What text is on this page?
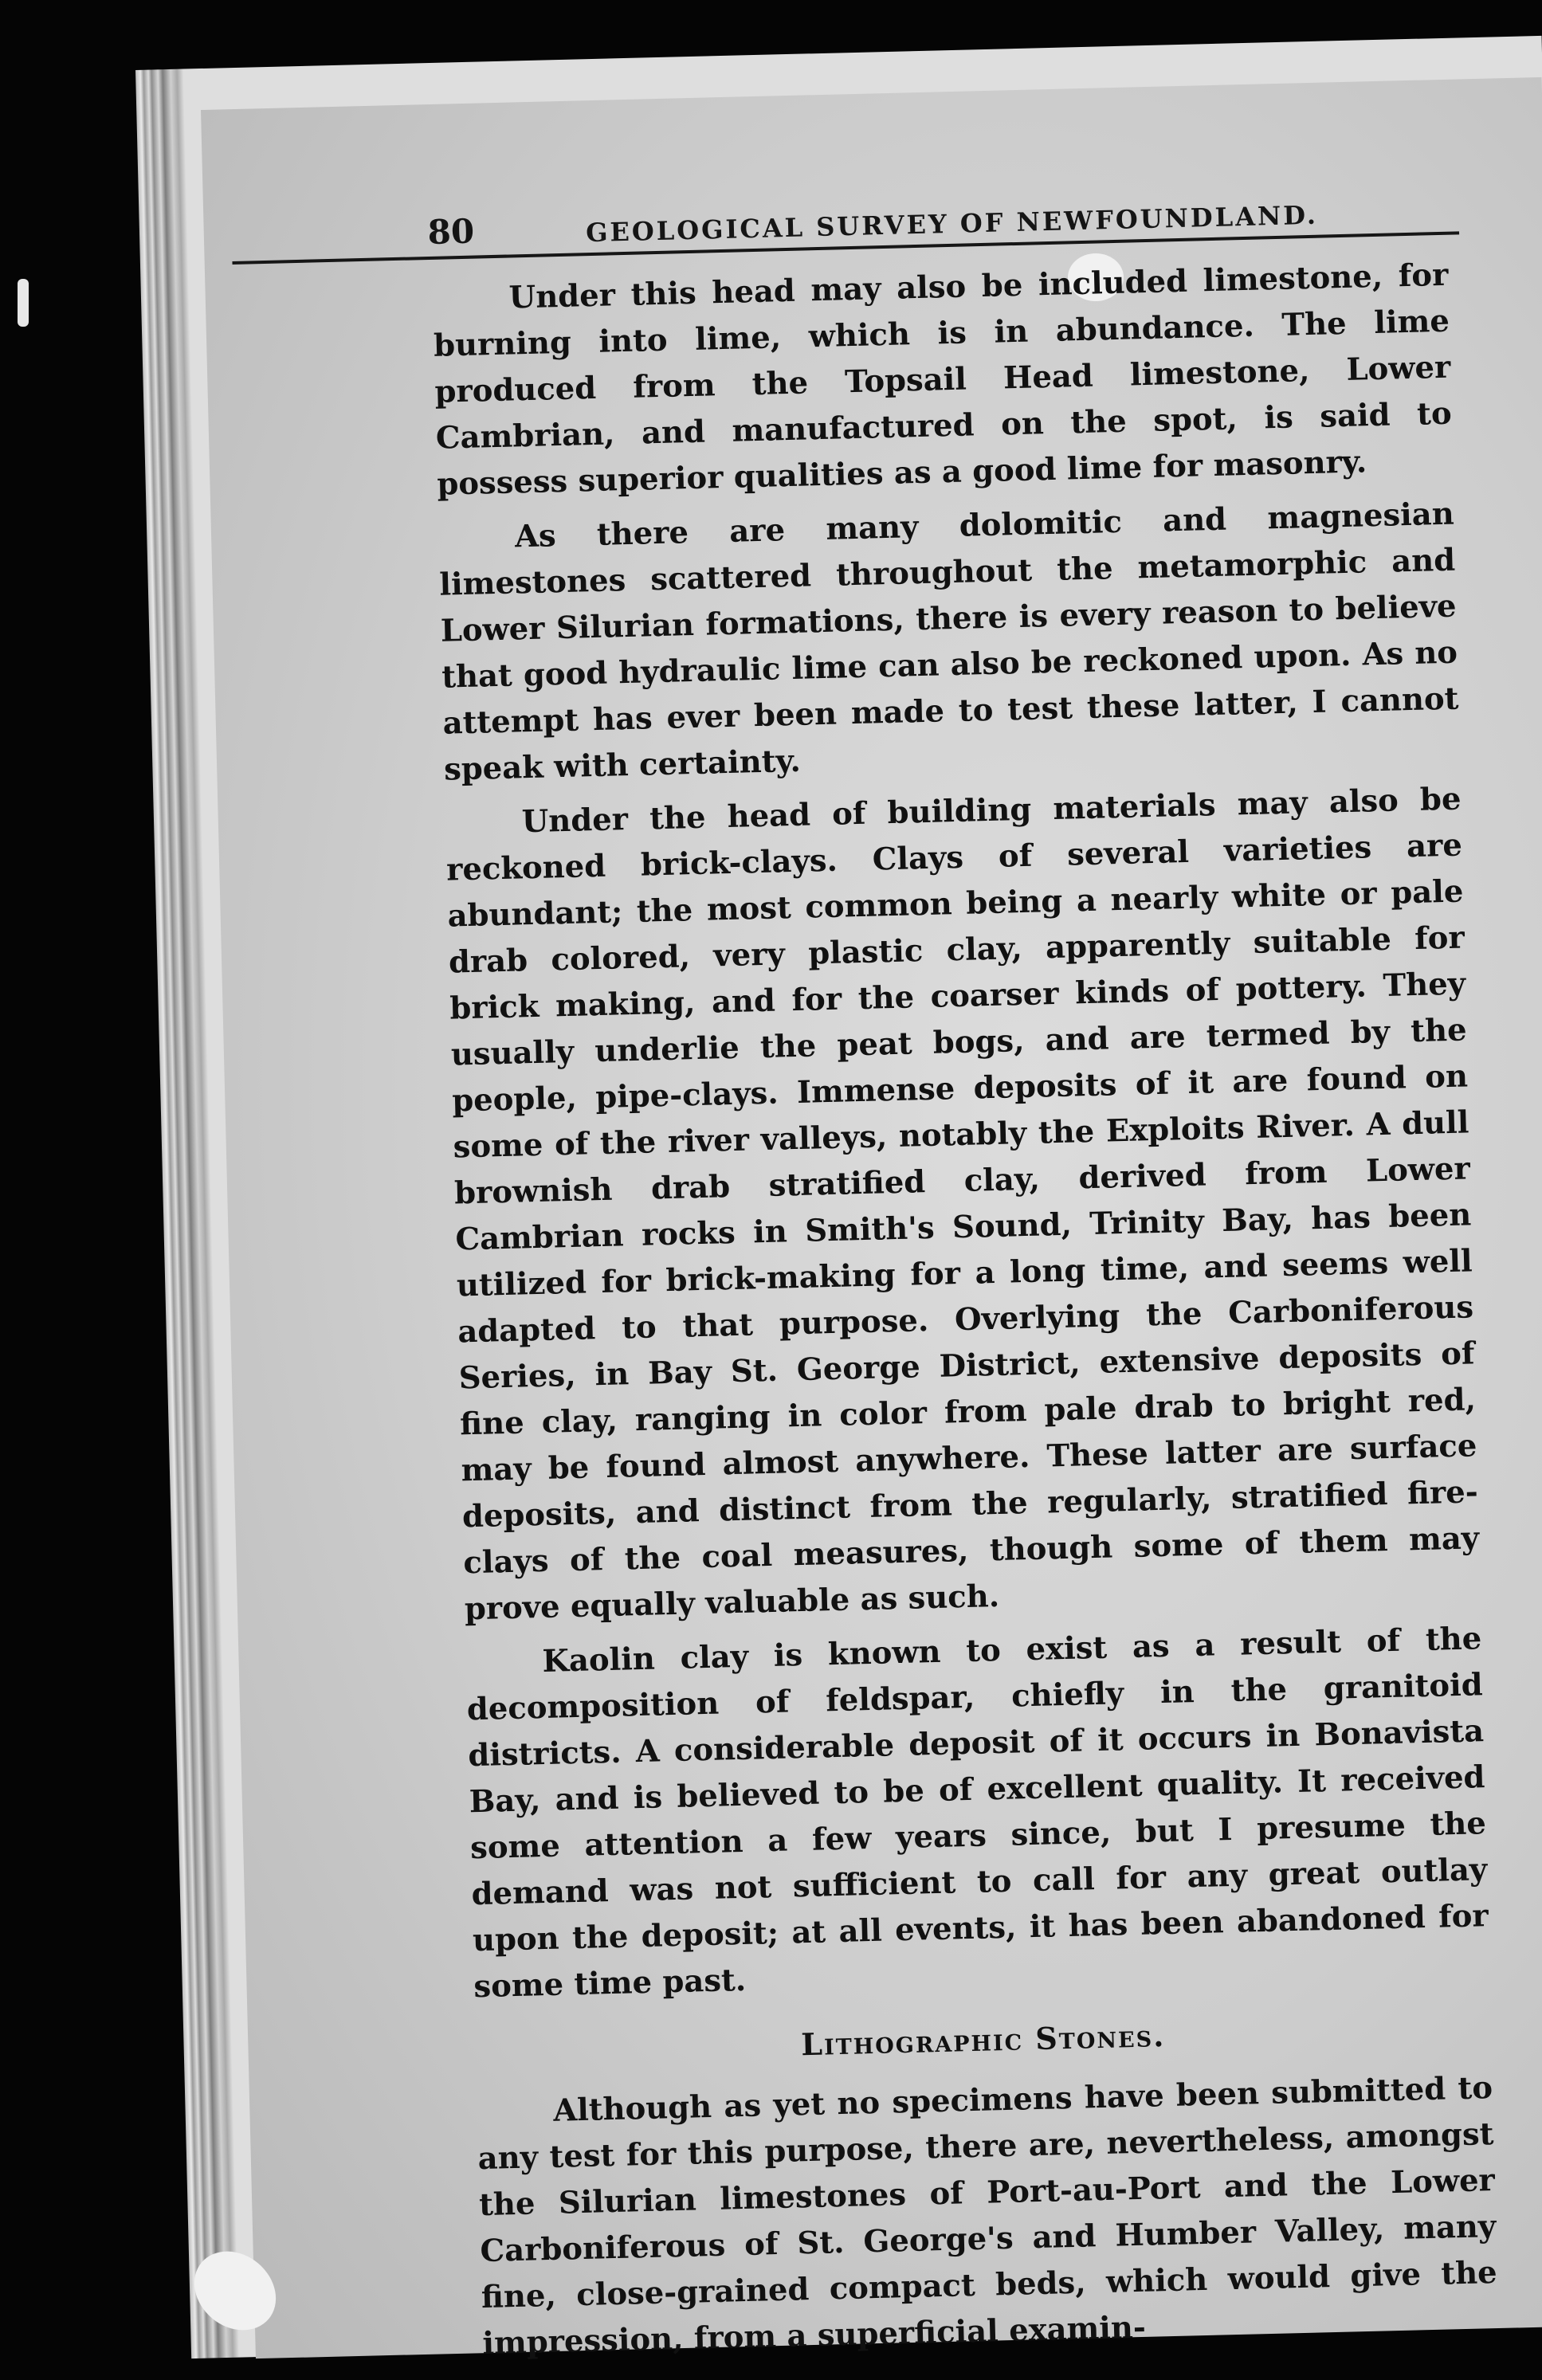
80	GEOLOGICAL SURVEY OF NEWFOUNDLAND.

Under this head may also be included limestone, for burning into lime, which is in abundance. The lime produced from the Topsail Head limestone, Lower Cambrian, and manufactured on the spot, is said to possess superior qualities as a good lime for masonry.

As there are many dolomitic and magnesian limestones scattered throughout the metamorphic and Lower Silurian formations, there is every reason to believe that good hydraulic lime can also be reckoned upon. As no attempt has ever been made to test these latter, I cannot speak with certainty.

Under the head of building materials may also be reckoned brick-clays. Clays of several varieties are abundant; the most common being a nearly white or pale drab colored, very plastic clay, apparently suitable for brick making, and for the coarser kinds of pottery. They usually underlie the peat bogs, and are termed by the people, pipe-clays. Immense deposits of it are found on some of the river valleys, notably the Exploits River. A dull brownish drab stratified clay, derived from Lower Cambrian rocks in Smith's Sound, Trinity Bay, has been utilized for brick-making for a long time, and seems well adapted to that purpose. Overlying the Carboniferous Series, in Bay St. George District, extensive deposits of fine clay, ranging in color from pale drab to bright red, may be found almost anywhere. These latter are surface deposits, and distinct from the regularly, stratified fire-clays of the coal measures, though some of them may prove equally valuable as such.

Kaolin clay is known to exist as a result of the decomposition of feldspar, chiefly in the granitoid districts. A considerable deposit of it occurs in Bonavista Bay, and is believed to be of excellent quality. It received some attention a few years since, but I presume the demand was not sufficient to call for any great outlay upon the deposit; at all events, it has been abandoned for some time past.

Lithographic Stones.

Although as yet no specimens have been submitted to any test for this purpose, there are, nevertheless, amongst the Silurian limestones of Port-au-Port and the Lower Carboniferous of St. George's and Humber Valley, many fine, close-grained compact beds, which would give the impression, from a superficial examin-
